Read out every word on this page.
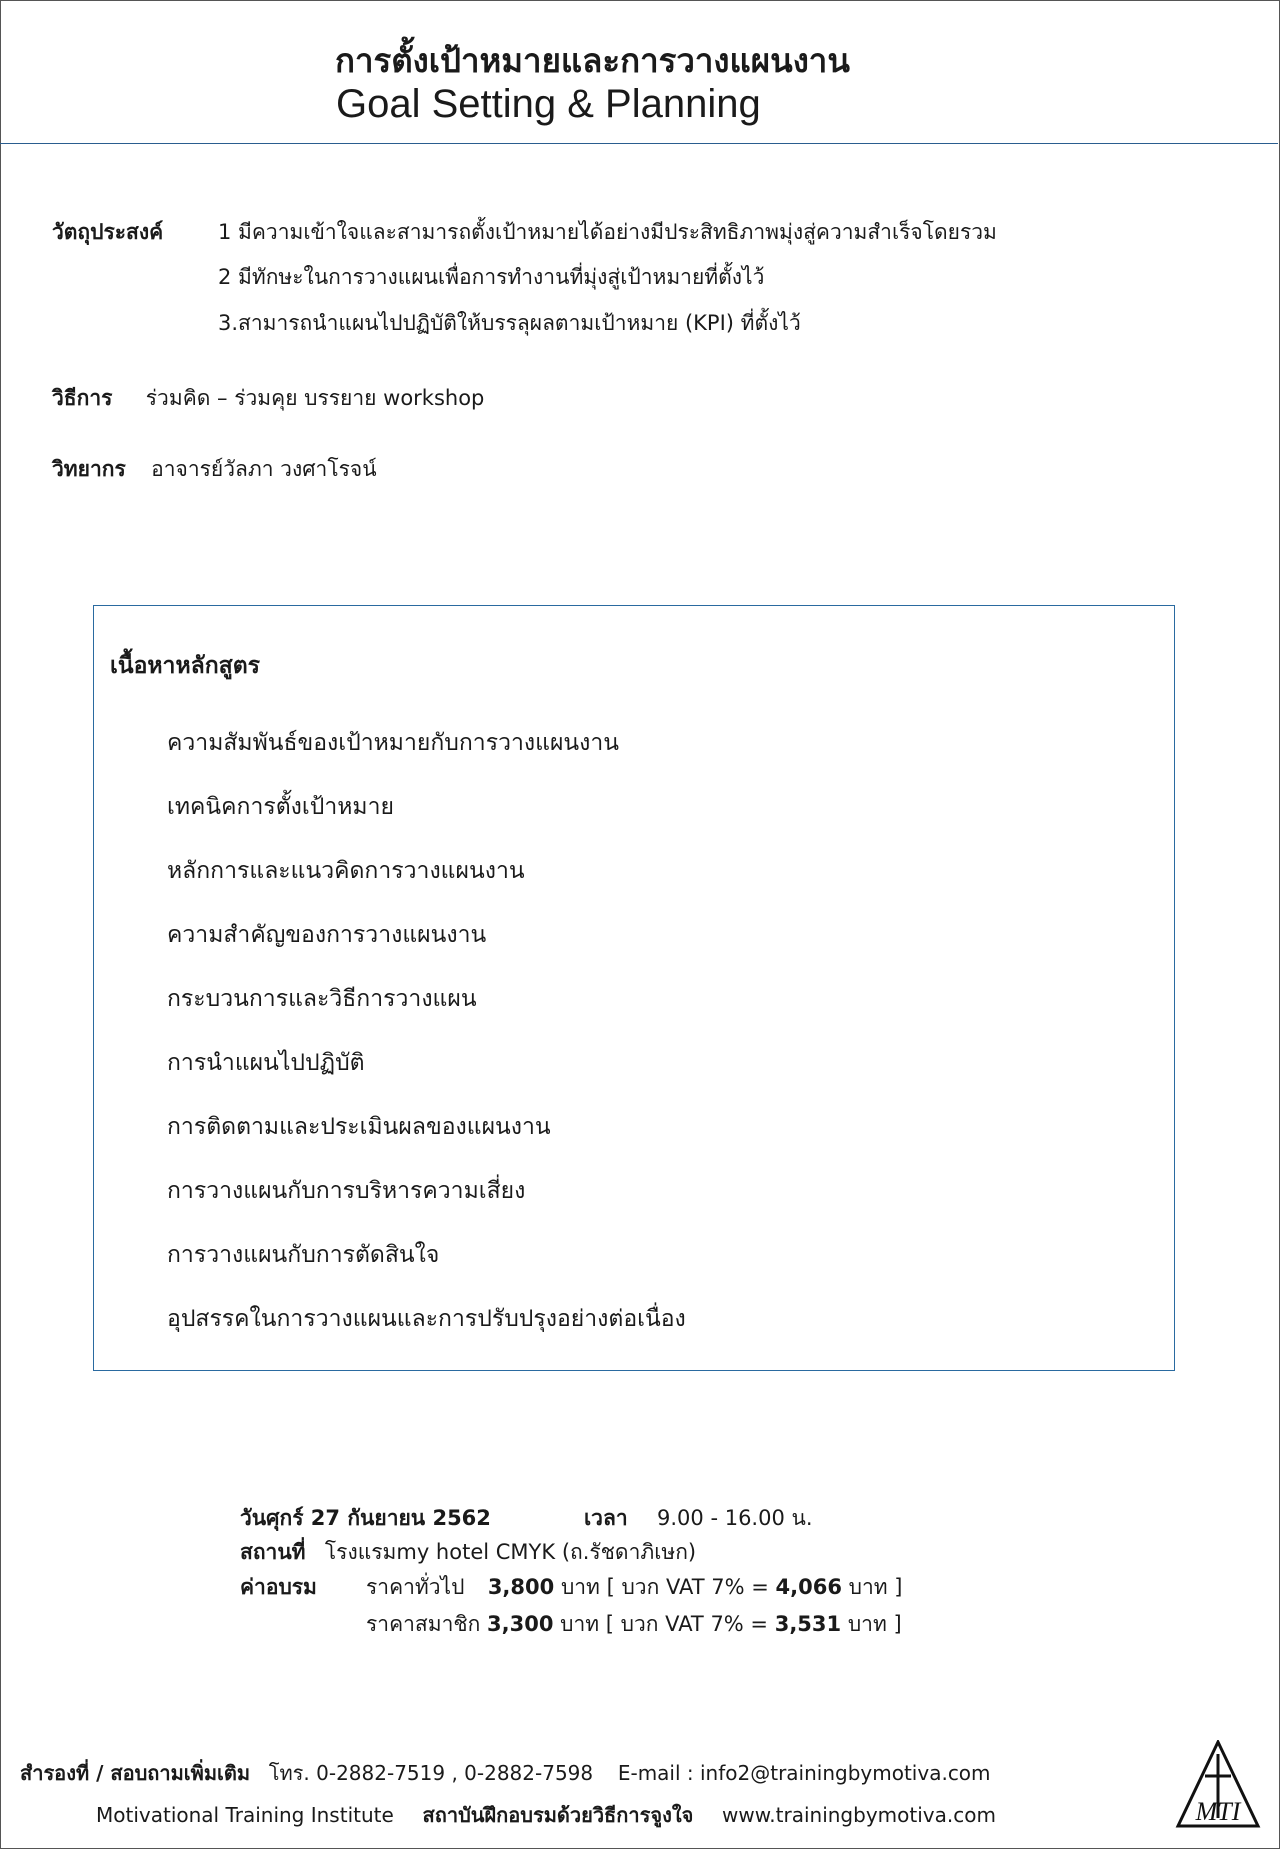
การตั้งเป้าหมายและการวางแผนงาน
Goal Setting & Planning
วัตถุประสงค์	1 มีความเข้าใจและสามารถตั้งเป้าหมายได้อย่างมีประสิทธิภาพมุ่งสู่ความสำเร็จโดยรวม
2 มีทักษะในการวางแผนเพื่อการทำงานที่มุ่งสู่เป้าหมายที่ตั้งไว้
3.สามารถนำแผนไปปฏิบัติให้บรรลุผลตามเป้าหมาย (KPI) ที่ตั้งไว้
วิธีการ ร่วมคิด – ร่วมคุย บรรยาย workshop
วิทยากร อาจารย์วัลภา วงศาโรจน์
เนื้อหาหลักสูตร
ความสัมพันธ์ของเป้าหมายกับการวางแผนงาน
เทคนิคการตั้งเป้าหมาย
หลักการและแนวคิดการวางแผนงาน
ความสำคัญของการวางแผนงาน
กระบวนการและวิธีการวางแผน
การนำแผนไปปฏิบัติ
การติดตามและประเมินผลของแผนงาน
การวางแผนกับการบริหารความเสี่ยง
การวางแผนกับการตัดสินใจ
อุปสรรคในการวางแผนและการปรับปรุงอย่างต่อเนื่อง
วันศุกร์ 27 กันยายน 2562	เวลา 9.00 - 16.00 น.
สถานที่ โรงแรมmy hotel CMYK (ถ.รัชดาภิเษก)
ค่าอบรม ราคาทั่วไป 3,800 บาท [ บวก VAT 7% = 4,066 บาท ]
ราคาสมาชิก 3,300 บาท [ บวก VAT 7% = 3,531 บาท ]
สำรองที่ / สอบถามเพิ่มเติม โทร. 0-2882-7519 , 0-2882-7598 E-mail : info2@trainingbymotiva.com
Motivational Training Institute สถาบันฝึกอบรมด้วยวิธีการจูงใจ www.trainingbymotiva.com	MTI
